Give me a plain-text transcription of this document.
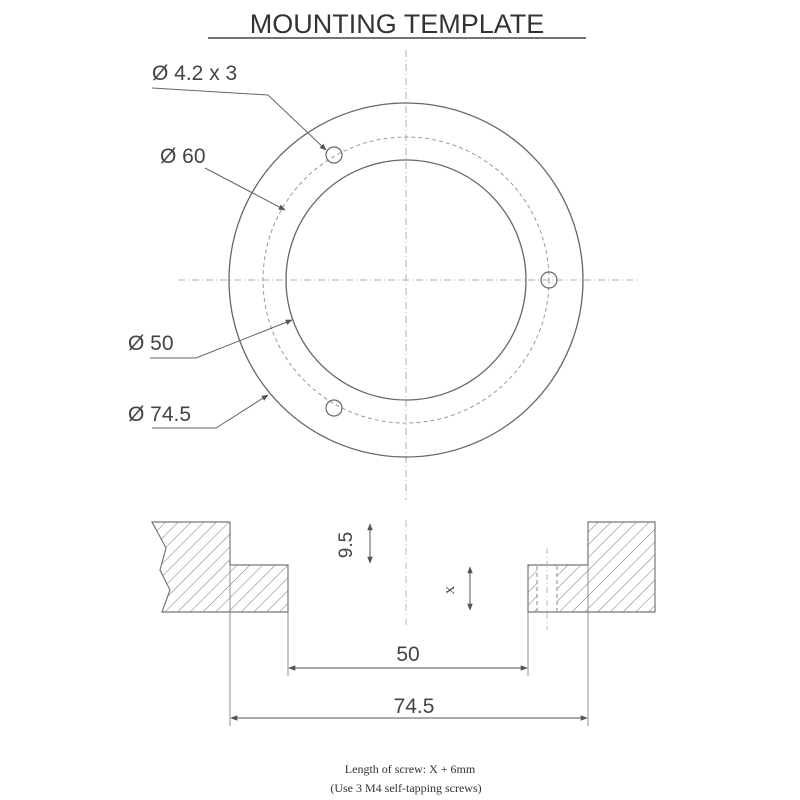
MOUNTING TEMPLATE
Ø 4.2 x 3
Ø 60
Ø 50
Ø 74.5
9.5
X
50
74.5
Length of screw: X + 6mm
(Use 3 M4 self-tapping screws)
